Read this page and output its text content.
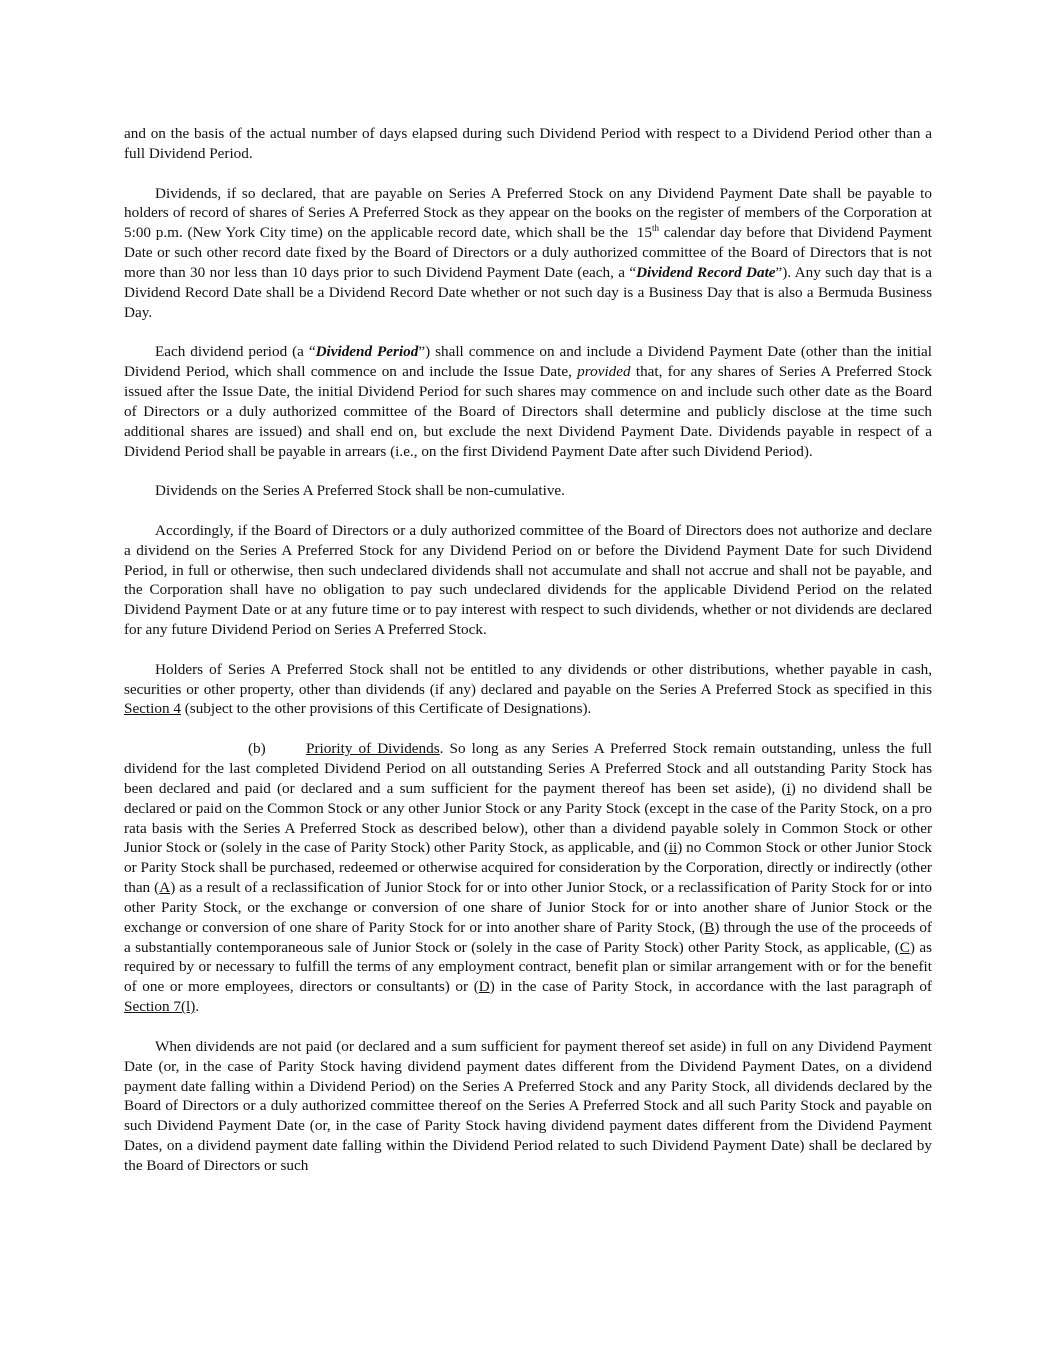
and on the basis of the actual number of days elapsed during such Dividend Period with respect to a Dividend Period other than a full Dividend Period.

Dividends, if so declared, that are payable on Series A Preferred Stock on any Dividend Payment Date shall be payable to holders of record of shares of Series A Preferred Stock as they appear on the books on the register of members of the Corporation at 5:00 p.m. (New York City time) on the applicable record date, which shall be the 15th calendar day before that Dividend Payment Date or such other record date fixed by the Board of Directors or a duly authorized committee of the Board of Directors that is not more than 30 nor less than 10 days prior to such Dividend Payment Date (each, a “Dividend Record Date”). Any such day that is a Dividend Record Date shall be a Dividend Record Date whether or not such day is a Business Day that is also a Bermuda Business Day.

Each dividend period (a “Dividend Period”) shall commence on and include a Dividend Payment Date (other than the initial Dividend Period, which shall commence on and include the Issue Date, provided that, for any shares of Series A Preferred Stock issued after the Issue Date, the initial Dividend Period for such shares may commence on and include such other date as the Board of Directors or a duly authorized committee of the Board of Directors shall determine and publicly disclose at the time such additional shares are issued) and shall end on, but exclude the next Dividend Payment Date. Dividends payable in respect of a Dividend Period shall be payable in arrears (i.e., on the first Dividend Payment Date after such Dividend Period).

Dividends on the Series A Preferred Stock shall be non-cumulative.

Accordingly, if the Board of Directors or a duly authorized committee of the Board of Directors does not authorize and declare a dividend on the Series A Preferred Stock for any Dividend Period on or before the Dividend Payment Date for such Dividend Period, in full or otherwise, then such undeclared dividends shall not accumulate and shall not accrue and shall not be payable, and the Corporation shall have no obligation to pay such undeclared dividends for the applicable Dividend Period on the related Dividend Payment Date or at any future time or to pay interest with respect to such dividends, whether or not dividends are declared for any future Dividend Period on Series A Preferred Stock.

Holders of Series A Preferred Stock shall not be entitled to any dividends or other distributions, whether payable in cash, securities or other property, other than dividends (if any) declared and payable on the Series A Preferred Stock as specified in this Section 4 (subject to the other provisions of this Certificate of Designations).

(b)	Priority of Dividends. So long as any Series A Preferred Stock remain outstanding, unless the full dividend for the last completed Dividend Period on all outstanding Series A Preferred Stock and all outstanding Parity Stock has been declared and paid (or declared and a sum sufficient for the payment thereof has been set aside), (i) no dividend shall be declared or paid on the Common Stock or any other Junior Stock or any Parity Stock (except in the case of the Parity Stock, on a pro rata basis with the Series A Preferred Stock as described below), other than a dividend payable solely in Common Stock or other Junior Stock or (solely in the case of Parity Stock) other Parity Stock, as applicable, and (ii) no Common Stock or other Junior Stock or Parity Stock shall be purchased, redeemed or otherwise acquired for consideration by the Corporation, directly or indirectly (other than (A) as a result of a reclassification of Junior Stock for or into other Junior Stock, or a reclassification of Parity Stock for or into other Parity Stock, or the exchange or conversion of one share of Junior Stock for or into another share of Junior Stock or the exchange or conversion of one share of Parity Stock for or into another share of Parity Stock, (B) through the use of the proceeds of a substantially contemporaneous sale of Junior Stock or (solely in the case of Parity Stock) other Parity Stock, as applicable, (C) as required by or necessary to fulfill the terms of any employment contract, benefit plan or similar arrangement with or for the benefit of one or more employees, directors or consultants) or (D) in the case of Parity Stock, in accordance with the last paragraph of Section 7(l).

When dividends are not paid (or declared and a sum sufficient for payment thereof set aside) in full on any Dividend Payment Date (or, in the case of Parity Stock having dividend payment dates different from the Dividend Payment Dates, on a dividend payment date falling within a Dividend Period) on the Series A Preferred Stock and any Parity Stock, all dividends declared by the Board of Directors or a duly authorized committee thereof on the Series A Preferred Stock and all such Parity Stock and payable on such Dividend Payment Date (or, in the case of Parity Stock having dividend payment dates different from the Dividend Payment Dates, on a dividend payment date falling within the Dividend Period related to such Dividend Payment Date) shall be declared by the Board of Directors or such
